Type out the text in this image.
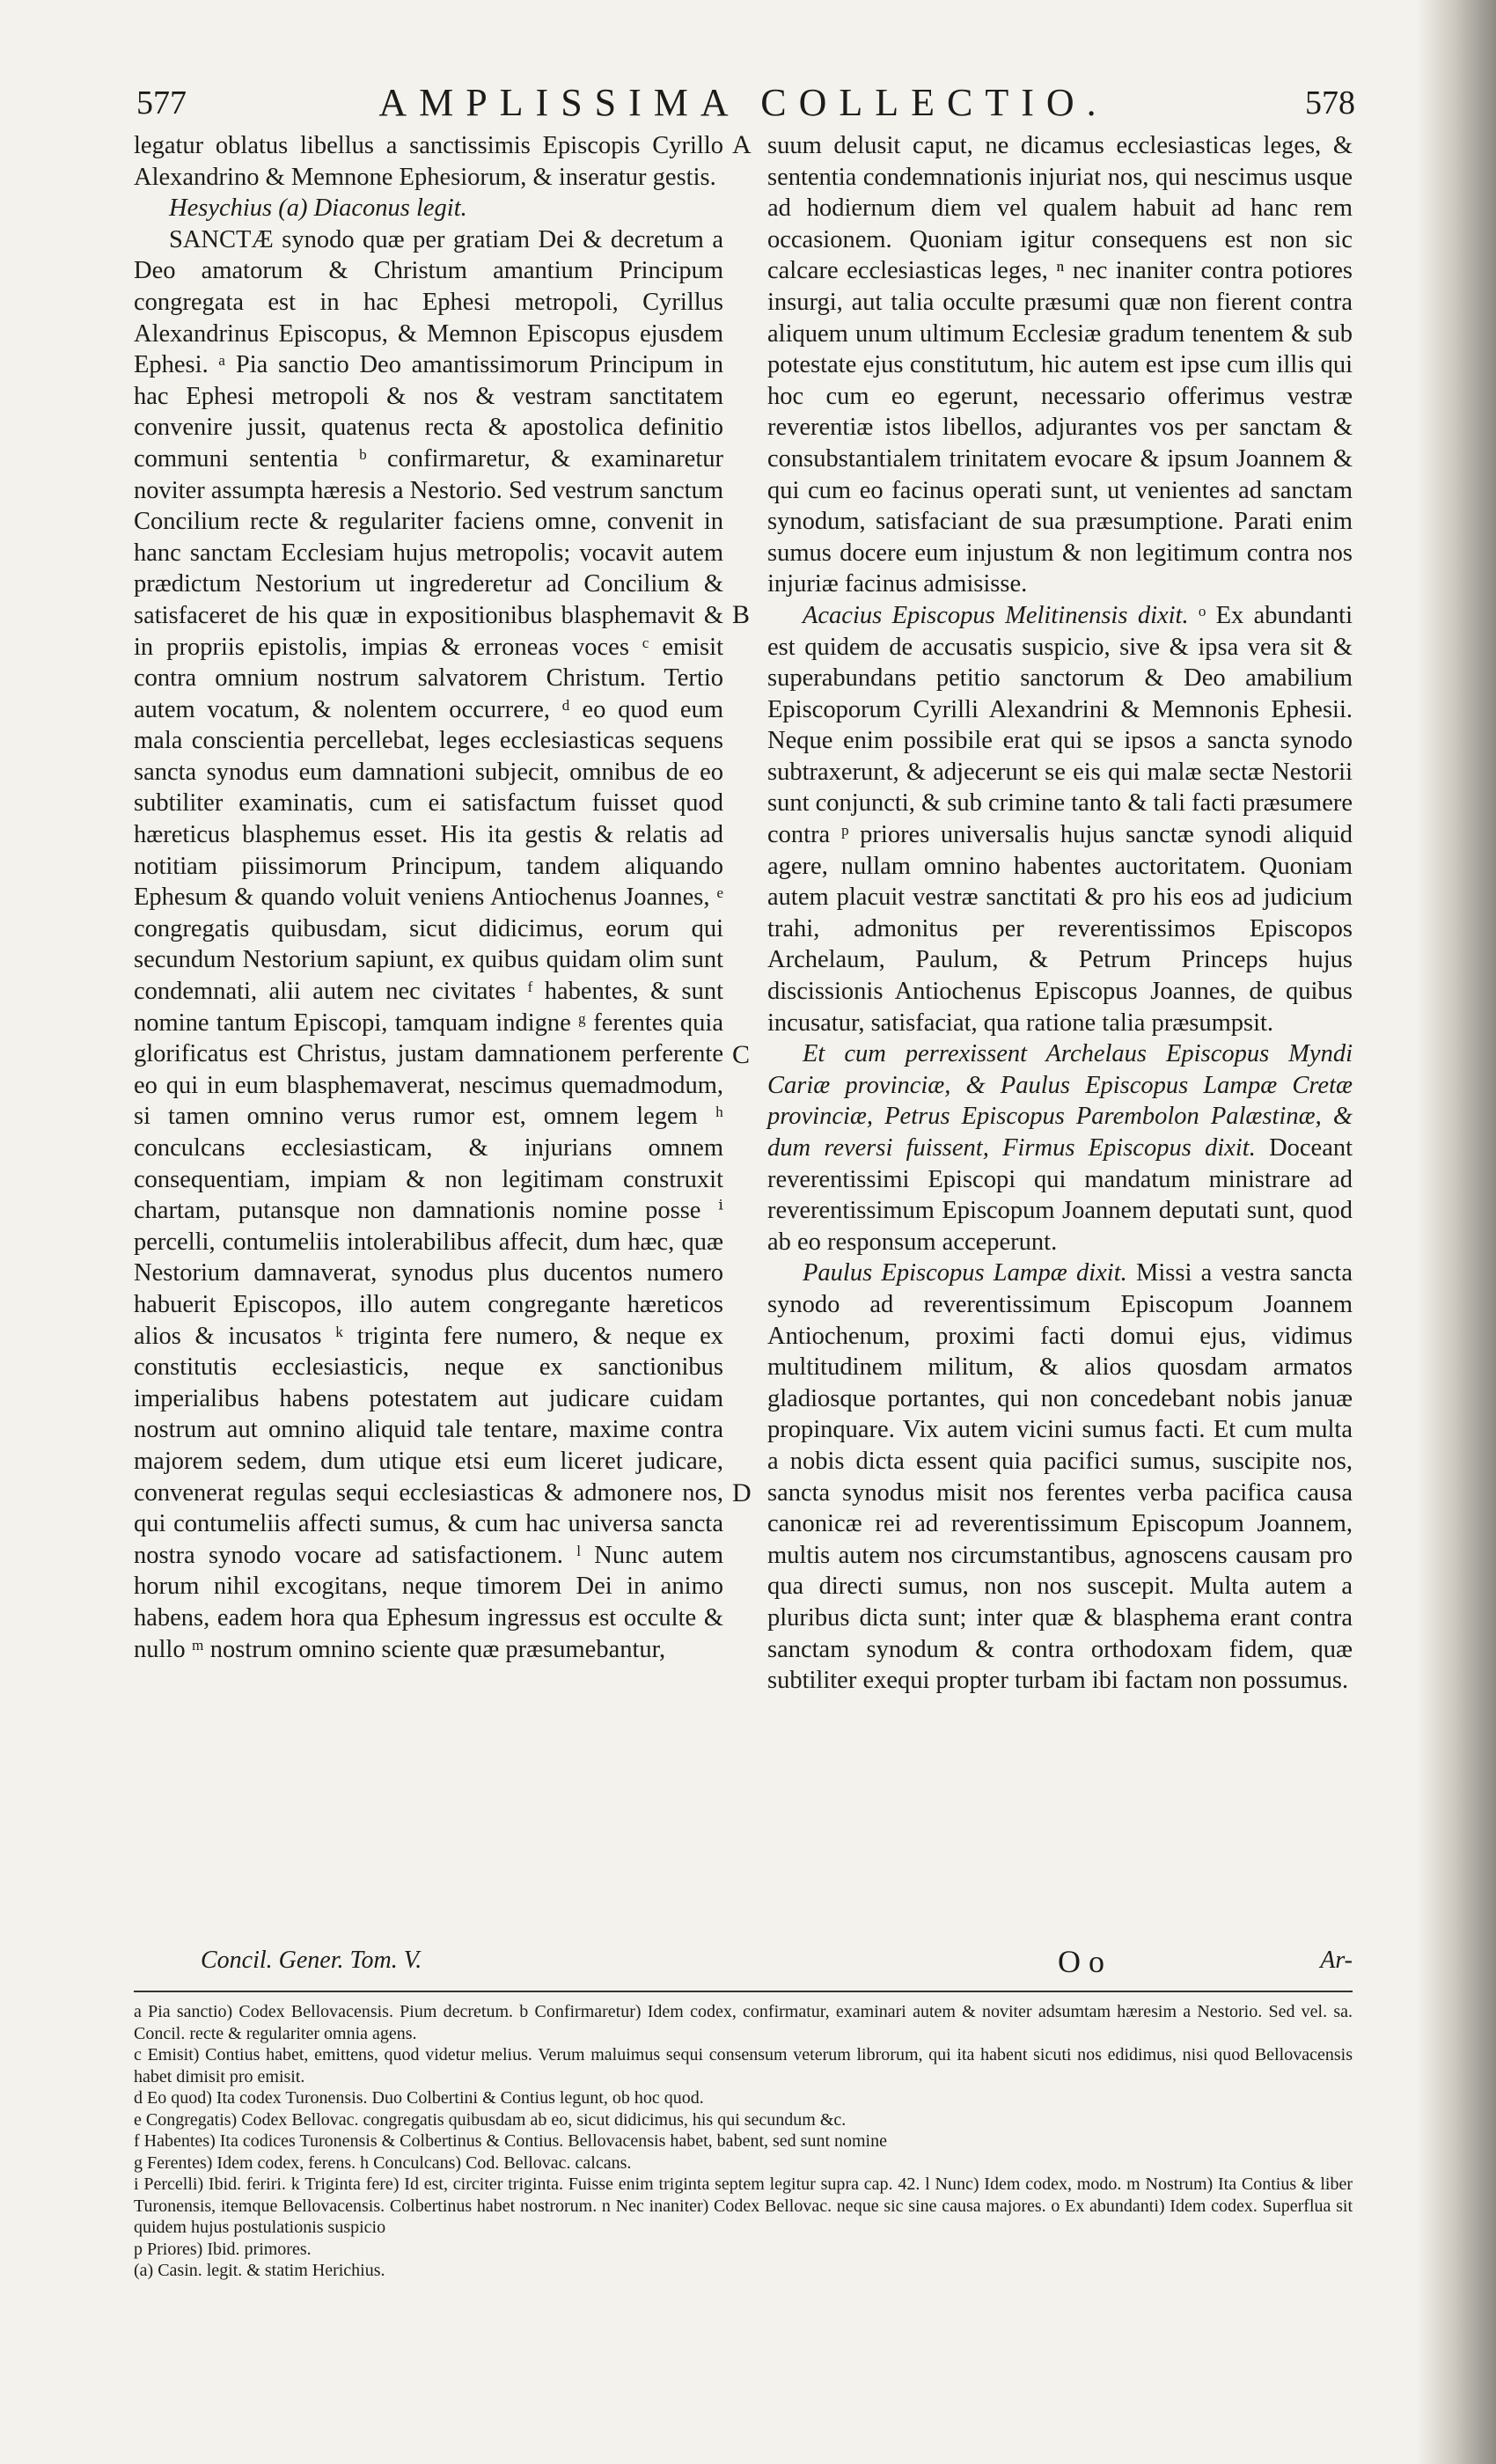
577	AMPLISSIMA COLLECTIO.	578

legatur oblatus libellus a sanctissimis Episcopis Cyrillo Alexandrino & Memnone Ephesiorum, & inseratur gestis.

Hesychius (a) Diaconus legit.

SANCTÆ synodo quæ per gratiam Dei & decretum a Deo amatorum & Christum amantium Principum congregata est in hac Ephesi metropoli, Cyrillus Alexandrinus Episcopus, & Memnon Episcopus ejusdem Ephesi. ᵃ Pia sanctio Deo amantissimorum Principum in hac Ephesi metropoli & nos & vestram sanctitatem convenire jussit, quatenus recta & apostolica definitio communi sententia ᵇ confirmaretur, & examinaretur noviter assumpta hæresis a Nestorio. Sed vestrum sanctum Concilium recte & regulariter faciens omne, convenit in hanc sanctam Ecclesiam hujus metropolis; vocavit autem prædictum Nestorium ut ingrederetur ad Concilium & satisfaceret de his quæ in expositionibus blasphemavit & in propriis epistolis, impias & erroneas voces ᶜ emisit contra omnium nostrum salvatorem Christum. Tertio autem vocatum, & nolentem occurrere, ᵈ eo quod eum mala conscientia percellebat, leges ecclesiasticas sequens sancta synodus eum damnationi subjecit, omnibus de eo subtiliter examinatis, cum ei satisfactum fuisset quod hæreticus blasphemus esset. His ita gestis & relatis ad notitiam piissimorum Principum, tandem aliquando Ephesum & quando voluit veniens Antiochenus Joannes, ᵉ congregatis quibusdam, sicut didicimus, eorum qui secundum Nestorium sapiunt, ex quibus quidam olim sunt condemnati, alii autem nec civitates ᶠ habentes, & sunt nomine tantum Episcopi, tamquam indigne ᵍ ferentes quia glorificatus est Christus, justam damnationem perferente eo qui in eum blasphemaverat, nescimus quemadmodum, si tamen omnino verus rumor est, omnem legem ʰ conculcans ecclesiasticam, & injurians omnem consequentiam, impiam & non legitimam construxit chartam, putansque non damnationis nomine posse ⁱ percelli, contumeliis intolerabilibus affecit, dum hæc, quæ Nestorium damnaverat, synodus plus ducentos numero habuerit Episcopos, illo autem congregante hæreticos alios & incusatos ᵏ triginta fere numero, & neque ex constitutis ecclesiasticis, neque ex sanctionibus imperialibus habens potestatem aut judicare cuidam nostrum aut omnino aliquid tale tentare, maxime contra majorem sedem, dum utique etsi eum liceret judicare, convenerat regulas sequi ecclesiasticas & admonere nos, qui contumeliis affecti sumus, & cum hac universa sancta nostra synodo vocare ad satisfactionem. ˡ Nunc autem horum nihil excogitans, neque timorem Dei in animo habens, eadem hora qua Ephesum ingressus est occulte & nullo ᵐ nostrum omnino sciente quæ præsumebantur,

A
B
C
D

suum delusit caput, ne dicamus ecclesiasticas leges, & sententia condemnationis injuriat nos, qui nescimus usque ad hodiernum diem vel qualem habuit ad hanc rem occasionem. Quoniam igitur consequens est non sic calcare ecclesiasticas leges, ⁿ nec inaniter contra potiores insurgi, aut talia occulte præsumi quæ non fierent contra aliquem unum ultimum Ecclesiæ gradum tenentem & sub potestate ejus constitutum, hic autem est ipse cum illis qui hoc cum eo egerunt, necessario offerimus vestræ reverentiæ istos libellos, adjurantes vos per sanctam & consubstantialem trinitatem evocare & ipsum Joannem & qui cum eo facinus operati sunt, ut venientes ad sanctam synodum, satisfaciant de sua præsumptione. Parati enim sumus docere eum injustum & non legitimum contra nos injuriæ facinus admisisse.

Acacius Episcopus Melitinensis dixit. ᵒ Ex abundanti est quidem de accusatis suspicio, sive & ipsa vera sit & superabundans petitio sanctorum & Deo amabilium Episcoporum Cyrilli Alexandrini & Memnonis Ephesii. Neque enim possibile erat qui se ipsos a sancta synodo subtraxerunt, & adjecerunt se eis qui malæ sectæ Nestorii sunt conjuncti, & sub crimine tanto & tali facti præsumere contra ᵖ priores universalis hujus sanctæ synodi aliquid agere, nullam omnino habentes auctoritatem. Quoniam autem placuit vestræ sanctitati & pro his eos ad judicium trahi, admonitus per reverentissimos Episcopos Archelaum, Paulum, & Petrum Princeps hujus discissionis Antiochenus Episcopus Joannes, de quibus incusatur, satisfaciat, qua ratione talia præsumpsit.

Et cum perrexissent Archelaus Episcopus Myndi Cariæ provinciæ, & Paulus Episcopus Lampæ Cretæ provinciæ, Petrus Episcopus Parembolon Palæstinæ, & dum reversi fuissent, Firmus Episcopus dixit. Doceant reverentissimi Episcopi qui mandatum ministrare ad reverentissimum Episcopum Joannem deputati sunt, quod ab eo responsum acceperunt.

Paulus Episcopus Lampæ dixit. Missi a vestra sancta synodo ad reverentissimum Episcopum Joannem Antiochenum, proximi facti domui ejus, vidimus multitudinem militum, & alios quosdam armatos gladiosque portantes, qui non concedebant nobis januæ propinquare. Vix autem vicini sumus facti. Et cum multa a nobis dicta essent quia pacifici sumus, suscipite nos, sancta synodus misit nos ferentes verba pacifica causa canonicæ rei ad reverentissimum Episcopum Joannem, multis autem nos circumstantibus, agnoscens causam pro qua directi sumus, non nos suscepit. Multa autem a pluribus dicta sunt; inter quæ & blasphema erant contra sanctam synodum & contra orthodoxam fidem, quæ subtiliter exequi propter turbam ibi factam non possumus.

Concil. Gener. Tom. V.	O o	Ar-

a Pia sanctio) Codex Bellovacensis. Pium decretum. b Confirmaretur) Idem codex, confirmatur, examinari autem & noviter adsumtam hæresim a Nestorio. Sed vel. sa. Concil. recte & regulariter omnia agens.

c Emisit) Contius habet, emittens, quod videtur melius. Verum maluimus sequi consensum veterum librorum, qui ita habent sicuti nos edidimus, nisi quod Bellovacensis habet dimisit pro emisit.

d Eo quod) Ita codex Turonensis. Duo Colbertini & Contius legunt, ob hoc quod.

e Congregatis) Codex Bellovac. congregatis quibusdam ab eo, sicut didicimus, his qui secundum &c.

f Habentes) Ita codices Turonensis & Colbertinus & Contius. Bellovacensis habet, babent, sed sunt nomine

g Ferentes) Idem codex, ferens. h Conculcans) Cod. Bellovac. calcans.

i Percelli) Ibid. feriri. k Triginta fere) Id est, circiter triginta. Fuisse enim triginta septem legitur supra cap. 42. l Nunc) Idem codex, modo. m Nostrum) Ita Contius & liber Turonensis, itemque Bellovacensis. Colbertinus habet nostrorum. n Nec inaniter) Codex Bellovac. neque sic sine causa majores. o Ex abundanti) Idem codex. Superflua sit quidem hujus postulationis suspicio

p Priores) Ibid. primores.

(a) Casin. legit. & statim Herichius.
